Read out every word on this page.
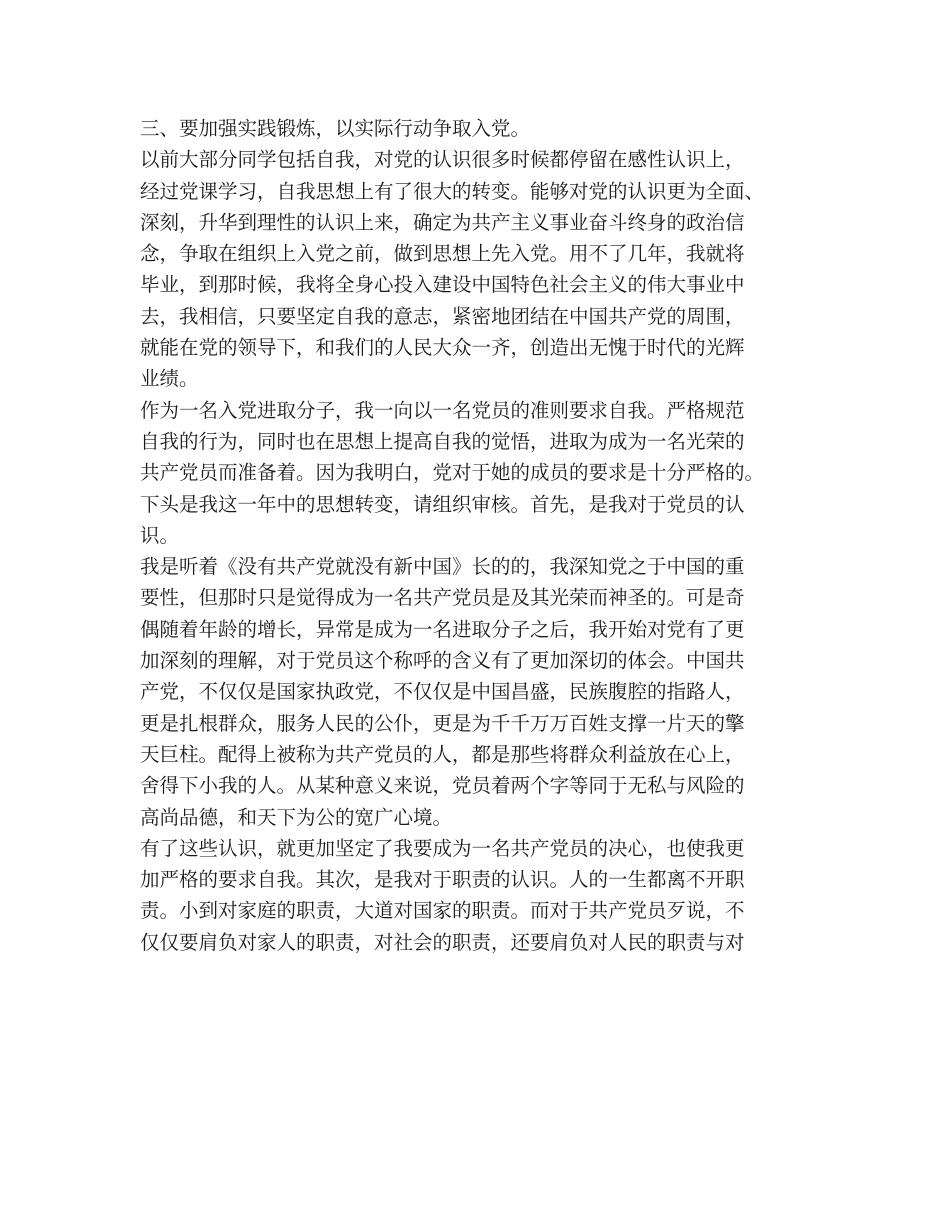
三、要加强实践锻炼，以实际行动争取入党。
以前大部分同学包括自我，对党的认识很多时候都停留在感性认识上，
经过党课学习，自我思想上有了很大的转变。能够对党的认识更为全面、
深刻，升华到理性的认识上来，确定为共产主义事业奋斗终身的政治信
念，争取在组织上入党之前，做到思想上先入党。用不了几年，我就将
毕业，到那时候，我将全身心投入建设中国特色社会主义的伟大事业中
去，我相信，只要坚定自我的意志，紧密地团结在中国共产党的周围，
就能在党的领导下，和我们的人民大众一齐，创造出无愧于时代的光辉
业绩。
作为一名入党进取分子，我一向以一名党员的准则要求自我。严格规范
自我的行为，同时也在思想上提高自我的觉悟，进取为成为一名光荣的
共产党员而准备着。因为我明白，党对于她的成员的要求是十分严格的。
下头是我这一年中的思想转变，请组织审核。首先，是我对于党员的认
识。
我是听着《没有共产党就没有新中国》长的的，我深知党之于中国的重
要性，但那时只是觉得成为一名共产党员是及其光荣而神圣的。可是奇
偶随着年龄的增长，异常是成为一名进取分子之后，我开始对党有了更
加深刻的理解，对于党员这个称呼的含义有了更加深切的体会。中国共
产党，不仅仅是国家执政党，不仅仅是中国昌盛，民族腹腔的指路人，
更是扎根群众，服务人民的公仆，更是为千千万万百姓支撑一片天的擎
天巨柱。配得上被称为共产党员的人，都是那些将群众利益放在心上，
舍得下小我的人。从某种意义来说，党员着两个字等同于无私与风险的
高尚品德，和天下为公的宽广心境。
有了这些认识，就更加坚定了我要成为一名共产党员的决心，也使我更
加严格的要求自我。其次，是我对于职责的认识。人的一生都离不开职
责。小到对家庭的职责，大道对国家的职责。而对于共产党员歹说，不
仅仅要肩负对家人的职责，对社会的职责，还要肩负对人民的职责与对
